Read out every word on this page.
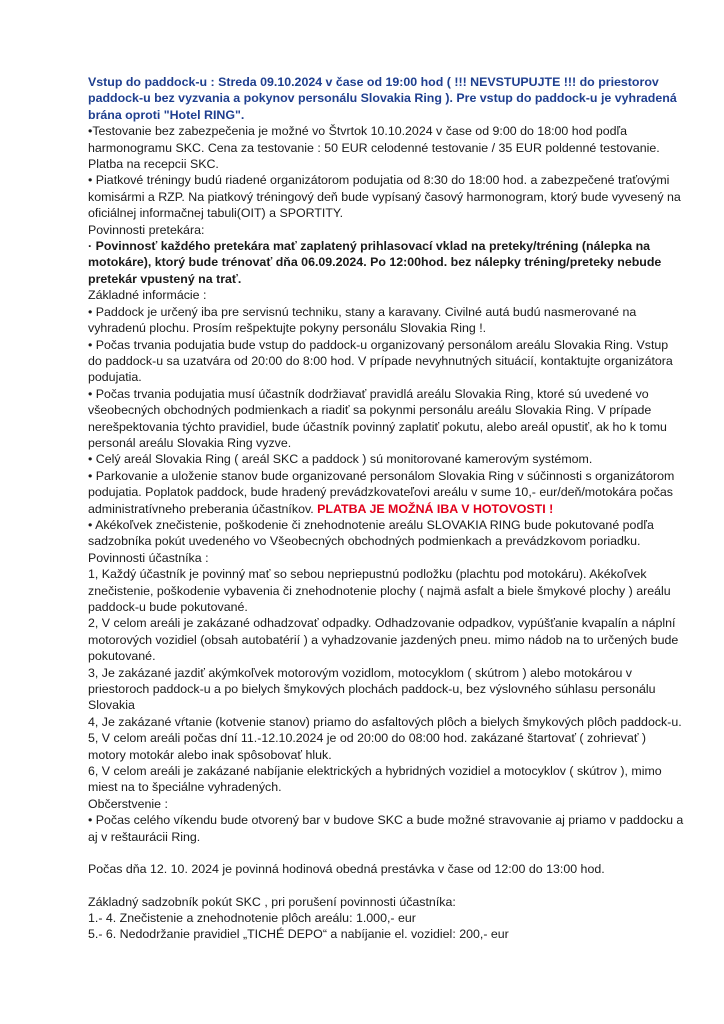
Vstup do paddock-u : Streda 09.10.2024 v čase od 19:00 hod ( !!! NEVSTUPUJTE !!! do priestorov paddock-u bez vyzvania a pokynov personálu Slovakia Ring ). Pre vstup do paddock-u je vyhradená brána oproti "Hotel RING".

•Testovanie bez zabezpečenia je možné vo Štvrtok 10.10.2024 v čase od 9:00 do 18:00 hod podľa harmonogramu SKC. Cena za testovanie : 50 EUR celodenné testovanie / 35 EUR poldenné testovanie. Platba na recepcii SKC.

• Piatkové tréningy budú riadené organizátorom podujatia od 8:30 do 18:00 hod. a zabezpečené traťovými komisármi a RZP. Na piatkový tréningový deň bude vypísaný časový harmonogram, ktorý bude vyvesený na oficiálnej informačnej tabuli(OIT) a SPORTITY.

Povinnosti pretekára:

· Povinnosť každého pretekára mať zaplatený prihlasovací vklad na preteky/tréning (nálepka na motokáre), ktorý bude trénovať dňa 06.09.2024. Po 12:00hod. bez nálepky tréning/preteky nebude pretekár vpustený na trať.

Základné informácie :

• Paddock je určený iba pre servisnú techniku, stany a karavany. Civilné autá budú nasmerované na vyhradenú plochu. Prosím rešpektujte pokyny personálu Slovakia Ring !.

• Počas trvania podujatia bude vstup do paddock-u organizovaný personálom areálu Slovakia Ring. Vstup do paddock-u sa uzatvára od 20:00 do 8:00 hod. V prípade nevyhnutných situácií, kontaktujte organizátora podujatia.

• Počas trvania podujatia musí účastník dodržiavať pravidlá areálu Slovakia Ring, ktoré sú uvedené vo všeobecných obchodných podmienkach a riadiť sa pokynmi personálu areálu Slovakia Ring. V prípade nerešpektovania týchto pravidiel, bude účastník povinný zaplatiť pokutu, alebo areál opustiť, ak ho k tomu personál areálu Slovakia Ring vyzve.

• Celý areál Slovakia Ring ( areál SKC a paddock ) sú monitorované kamerovým systémom.

• Parkovanie a uloženie stanov bude organizované personálom Slovakia Ring v súčinnosti s organizátorom podujatia. Poplatok paddock, bude hradený prevádzkovateľovi areálu v sume 10,- eur/deň/motokára počas administratívneho preberania účastníkov. PLATBA JE MOŽNÁ IBA V HOTOVOSTI !

• Akékoľvek znečistenie, poškodenie či znehodnotenie areálu SLOVAKIA RING bude pokutované podľa sadzobníka pokút uvedeného vo Všeobecných obchodných podmienkach a prevádzkovom poriadku.

Povinnosti účastníka :

1, Každý účastník je povinný mať so sebou nepriepustnú podložku (plachtu pod motokáru). Akékoľvek znečistenie, poškodenie vybavenia či znehodnotenie plochy ( najmä asfalt a biele šmykové plochy ) areálu paddock-u bude pokutované.

2, V celom areáli je zakázané odhadzovať odpadky. Odhadzovanie odpadkov, vypúšťanie kvapalín a náplní motorových vozidiel (obsah autobatérií ) a vyhadzovanie jazdených pneu. mimo nádob na to určených bude pokutované.

3, Je zakázané jazdiť akýmkoľvek motorovým vozidlom, motocyklom ( skútrom ) alebo motokárou v priestoroch paddock-u a po bielych šmykových plochách paddock-u, bez výslovného súhlasu personálu Slovakia

4, Je zakázané vŕtanie (kotvenie stanov) priamo do asfaltových plôch a bielych šmykových plôch paddock-u.

5, V celom areáli počas dní 11.-12.10.2024 je od 20:00 do 08:00 hod. zakázané štartovať ( zohrievať ) motory motokár alebo inak spôsobovať hluk.

6, V celom areáli je zakázané nabíjanie elektrických a hybridných vozidiel a motocyklov ( skútrov ), mimo miest na to špeciálne vyhradených.

Občerstvenie :

• Počas celého víkendu bude otvorený bar v budove SKC a bude možné stravovanie aj priamo v paddocku a aj v reštaurácii Ring.

Počas dňa 12. 10. 2024 je povinná hodinová obedná prestávka v čase od 12:00 do 13:00 hod.

Základný sadzobník pokút SKC , pri porušení povinnosti účastníka:

1.- 4. Znečistenie a znehodnotenie plôch areálu: 1.000,- eur

5.- 6. Nedodržanie pravidiel „TICHÉ DEPO“ a nabíjanie el. vozidiel: 200,- eur
